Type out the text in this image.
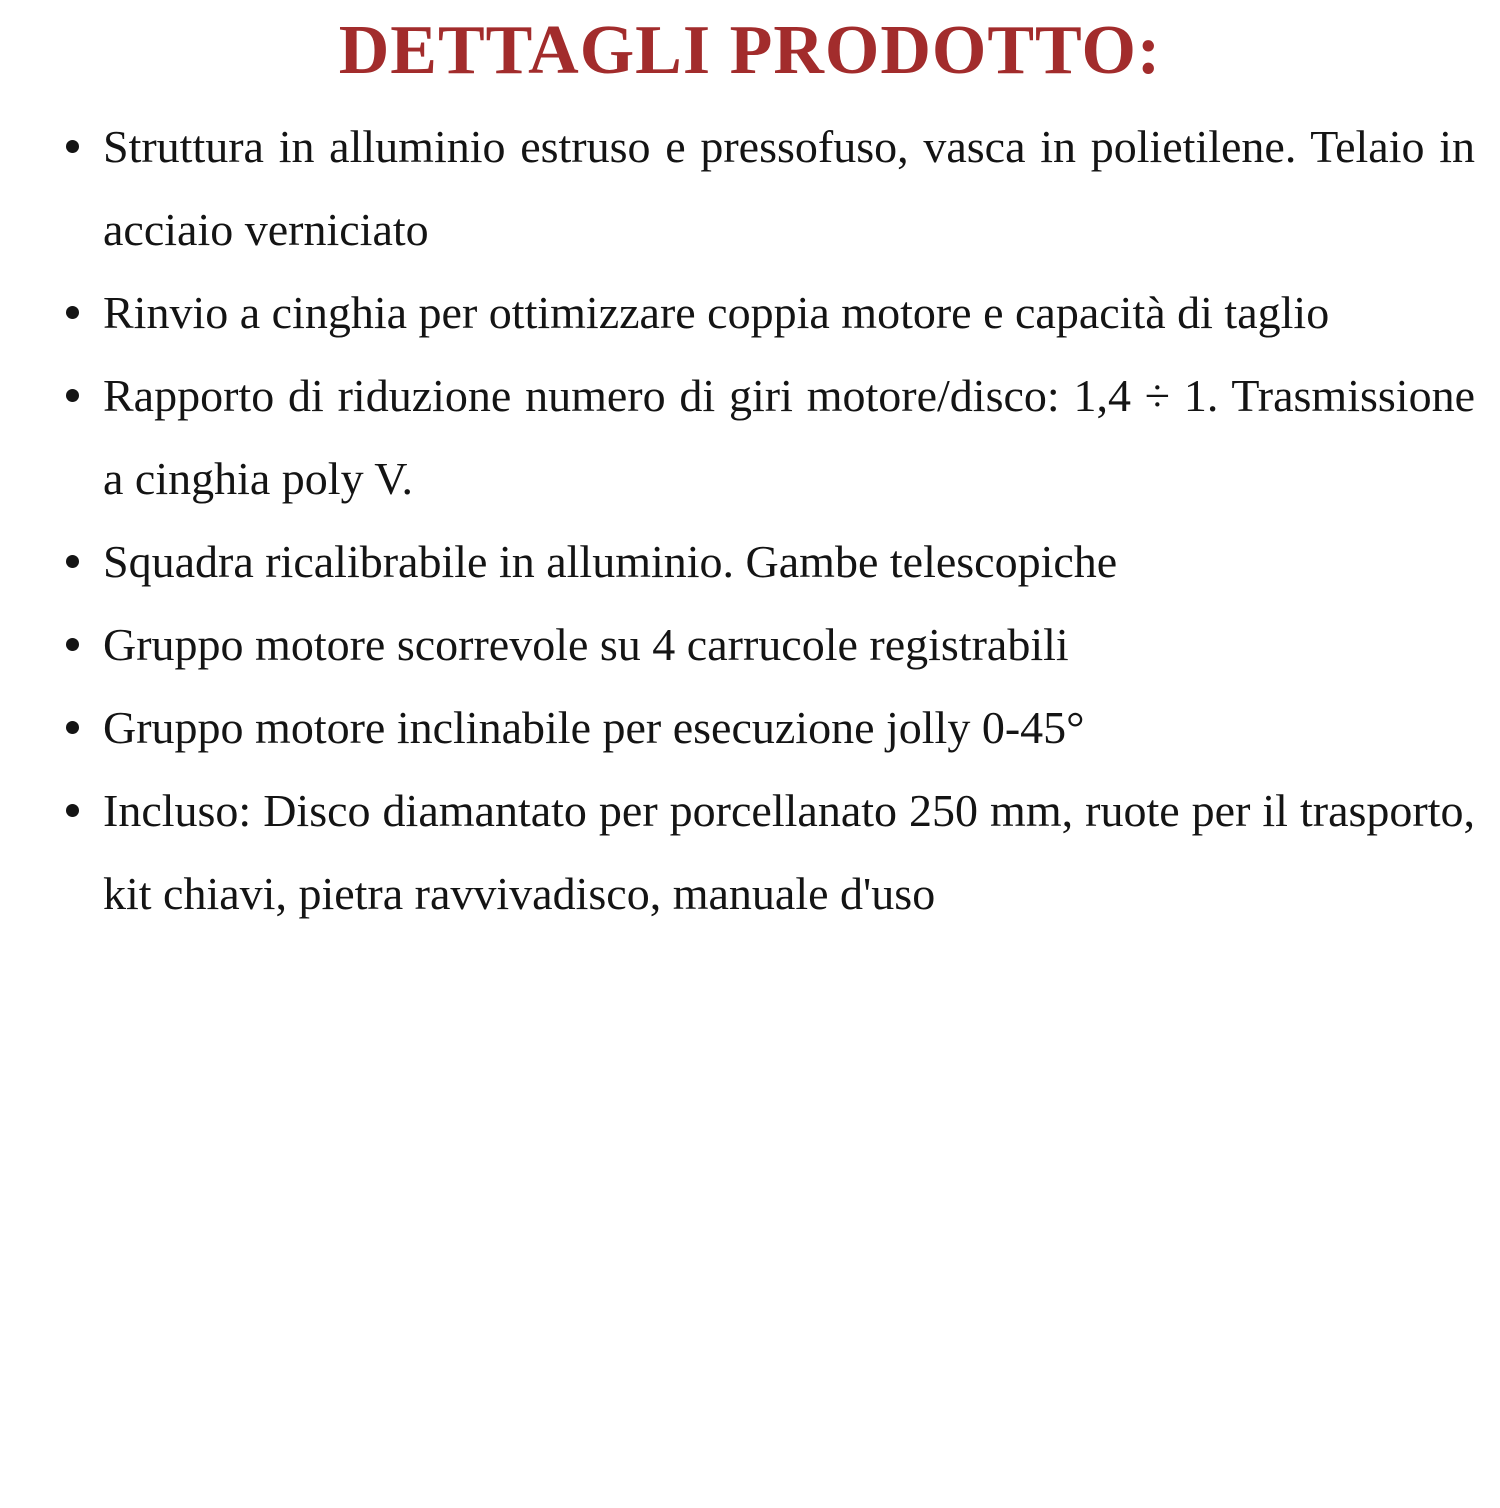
DETTAGLI PRODOTTO:
Struttura in alluminio estruso e pressofuso, vasca in polietilene. Telaio in acciaio verniciato
Rinvio a cinghia per ottimizzare coppia motore e capacità di taglio
Rapporto di riduzione numero di giri motore/disco: 1,4 ÷ 1. Trasmissione a cinghia poly V.
Squadra ricalibrabile in alluminio. Gambe telescopiche
Gruppo motore scorrevole su 4 carrucole registrabili
Gruppo motore inclinabile per esecuzione jolly 0-45°
Incluso: Disco diamantato per porcellanato 250 mm, ruote per il trasporto, kit chiavi, pietra ravvivadisco, manuale d'uso
